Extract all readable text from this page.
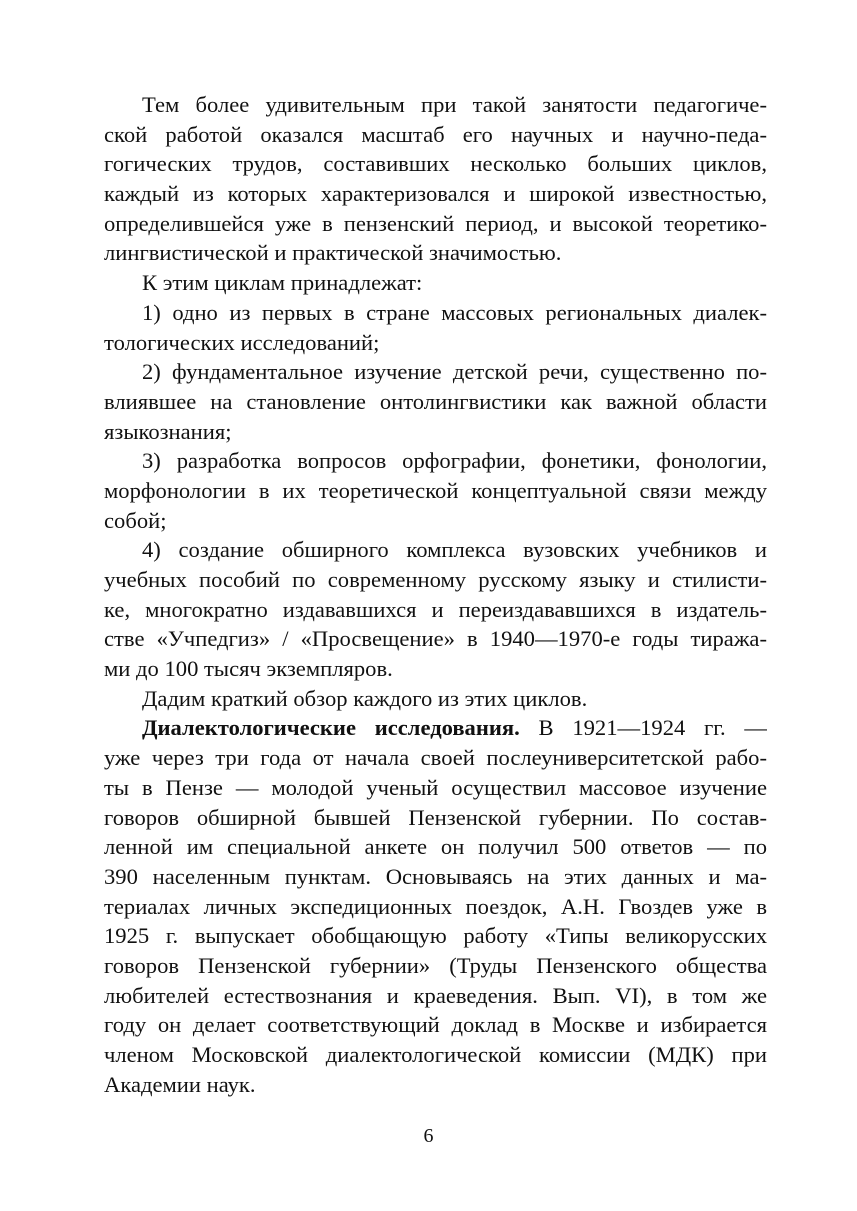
Тем более удивительным при такой занятости педагогиче-
ской работой оказался масштаб его научных и научно-педа-
гогических трудов, составивших несколько больших циклов,
каждый из которых характеризовался и широкой известностью,
определившейся уже в пензенский период, и высокой теоретико-
лингвистической и практической значимостью.
К этим циклам принадлежат:
1) одно из первых в стране массовых региональных диалек-
тологических исследований;
2) фундаментальное изучение детской речи, существенно по-
влиявшее на становление онтолингвистики как важной области
языкознания;
3) разработка вопросов орфографии, фонетики, фонологии,
морфонологии в их теоретической концептуальной связи между
собой;
4) создание обширного комплекса вузовских учебников и
учебных пособий по современному русскому языку и стилисти-
ке, многократно издававшихся и переиздававшихся в издатель-
стве «Учпедгиз» / «Просвещение» в 1940—1970-е годы тиража-
ми до 100 тысяч экземпляров.
Дадим краткий обзор каждого из этих циклов.
Диалектологические исследования. В 1921—1924 гг. —
уже через три года от начала своей послеуниверситетской рабо-
ты в Пензе — молодой ученый осуществил массовое изучение
говоров обширной бывшей Пензенской губернии. По состав-
ленной им специальной анкете он получил 500 ответов — по
390 населенным пунктам. Основываясь на этих данных и ма-
териалах личных экспедиционных поездок, А.Н. Гвоздев уже в
1925 г. выпускает обобщающую работу «Типы великорусских
говоров Пензенской губернии» (Труды Пензенского общества
любителей естествознания и краеведения. Вып. VI), в том же
году он делает соответствующий доклад в Москве и избирается
членом Московской диалектологической комиссии (МДК) при
Академии наук.
6
